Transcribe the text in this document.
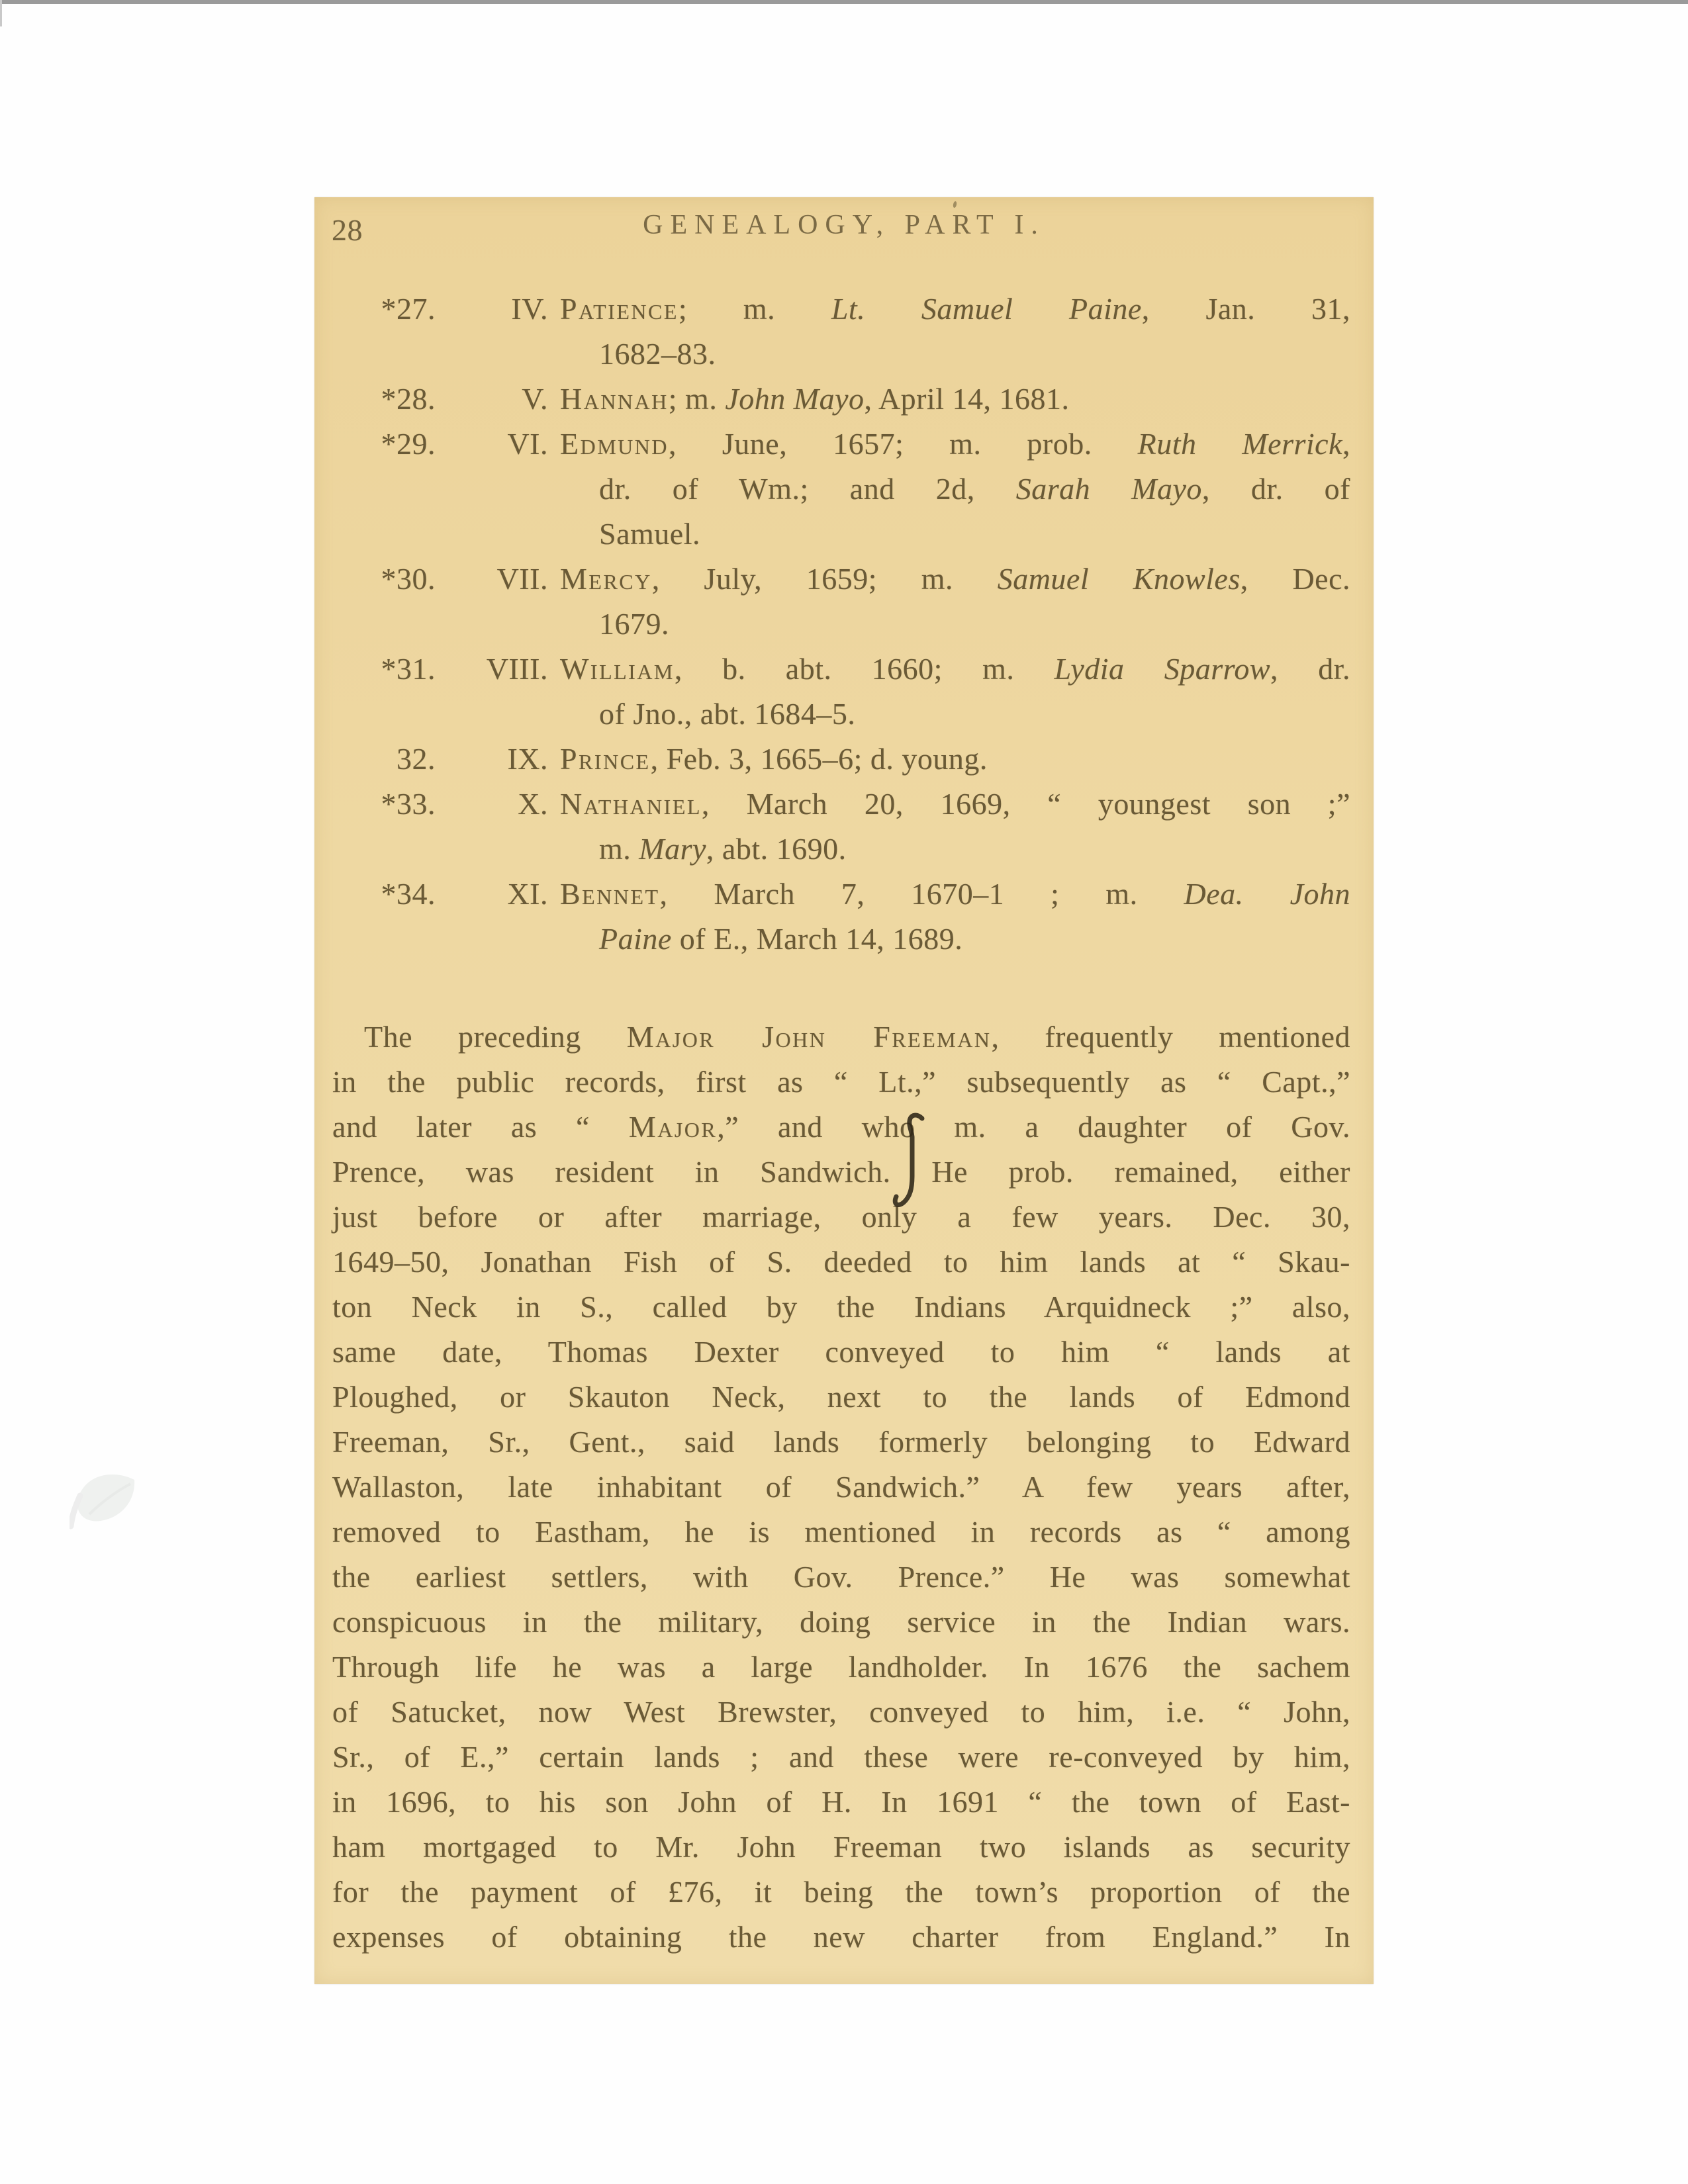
28	GENEALOGY, PART I.
*27.	IV. Patience; m. Lt. Samuel Paine, Jan. 31,
1682–83.
*28.	V. Hannah; m. John Mayo, April 14, 1681.
*29.	VI. Edmund, June, 1657; m. prob. Ruth Merrick,
dr. of Wm.; and 2d, Sarah Mayo, dr. of
Samuel.
*30.	VII. Mercy, July, 1659; m. Samuel Knowles, Dec.
1679.
*31.	VIII. William, b. abt. 1660; m. Lydia Sparrow, dr.
of Jno., abt. 1684–5.
32.	IX. Prince, Feb. 3, 1665–6; d. young.
*33.	X. Nathaniel, March 20, 1669, “ youngest son ;”
m. Mary, abt. 1690.
*34.	XI. Bennet, March 7, 1670–1 ; m. Dea. John
Paine of E., March 14, 1689.
The preceding Major John Freeman, frequently mentioned
in the public records, first as “ Lt.,” subsequently as “ Capt.,”
and later as “ Major,” and who m. a daughter of Gov.
Prence, was resident in Sandwich. He prob. remained, either
just before or after marriage, only a few years. Dec. 30,
1649–50, Jonathan Fish of S. deeded to him lands at “ Skau-
ton Neck in S., called by the Indians Arquidneck ;” also,
same date, Thomas Dexter conveyed to him “ lands at
Ploughed, or Skauton Neck, next to the lands of Edmond
Freeman, Sr., Gent., said lands formerly belonging to Edward
Wallaston, late inhabitant of Sandwich.” A few years after,
removed to Eastham, he is mentioned in records as “ among
the earliest settlers, with Gov. Prence.” He was somewhat
conspicuous in the military, doing service in the Indian wars.
Through life he was a large landholder. In 1676 the sachem
of Satucket, now West Brewster, conveyed to him, i.e. “ John,
Sr., of E.,” certain lands ; and these were re-conveyed by him,
in 1696, to his son John of H. In 1691 “ the town of East-
ham mortgaged to Mr. John Freeman two islands as security
for the payment of £76, it being the town’s proportion of the
expenses of obtaining the new charter from England.” In
